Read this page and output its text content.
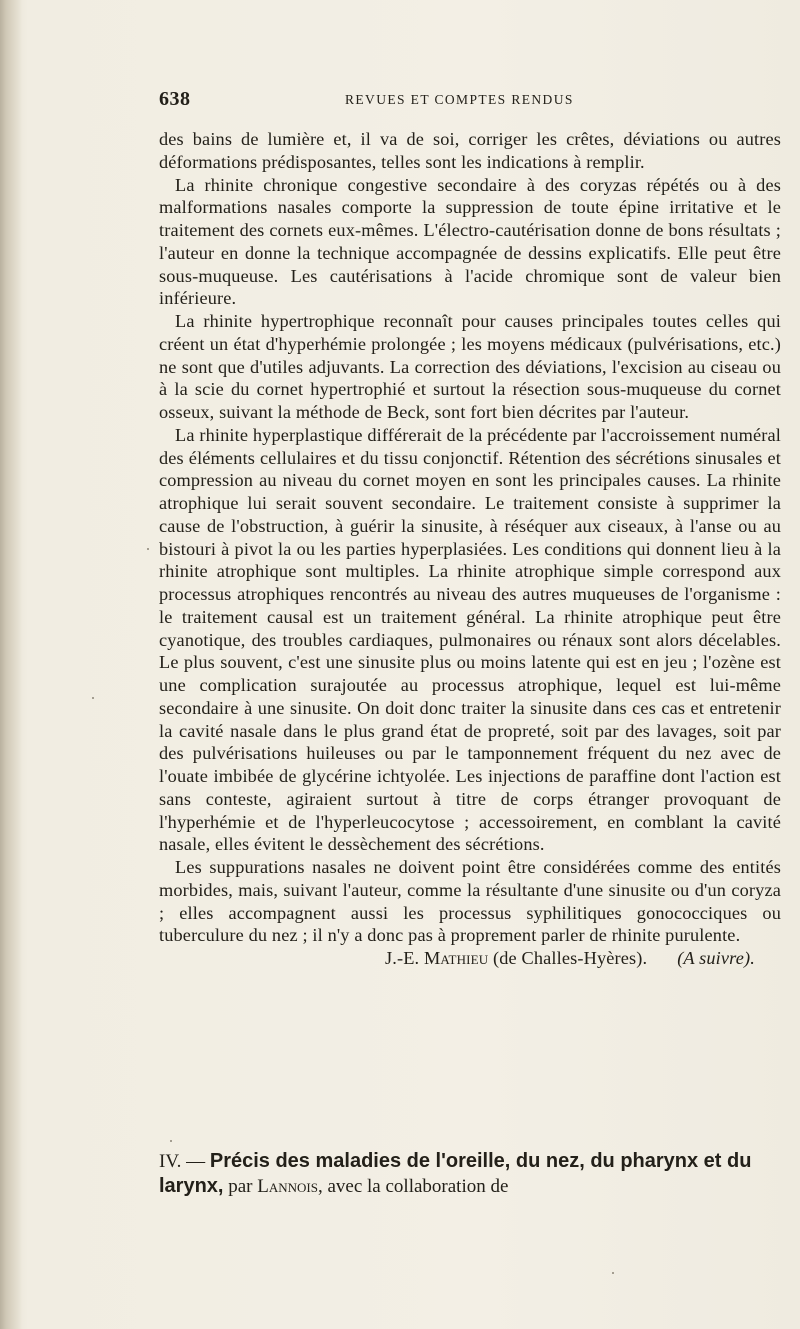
638	REVUES ET COMPTES RENDUS

des bains de lumière et, il va de soi, corriger les crêtes, déviations ou autres déformations prédisposantes, telles sont les indications à remplir.

La rhinite chronique congestive secondaire à des coryzas répétés ou à des malformations nasales comporte la suppression de toute épine irritative et le traitement des cornets eux-mêmes. L'électro-cautérisation donne de bons résultats ; l'auteur en donne la technique accompagnée de dessins explicatifs. Elle peut être sous-muqueuse. Les cautérisations à l'acide chromique sont de valeur bien inférieure.

La rhinite hypertrophique reconnaît pour causes principales toutes celles qui créent un état d'hyperhémie prolongée ; les moyens médicaux (pulvérisations, etc.) ne sont que d'utiles adjuvants. La correction des déviations, l'excision au ciseau ou à la scie du cornet hypertrophié et surtout la résection sous-muqueuse du cornet osseux, suivant la méthode de Beck, sont fort bien décrites par l'auteur.

La rhinite hyperplastique différerait de la précédente par l'accroissement numéral des éléments cellulaires et du tissu conjonctif. Rétention des sécrétions sinusales et compression au niveau du cornet moyen en sont les principales causes. La rhinite atrophique lui serait souvent secondaire. Le traitement consiste à supprimer la cause de l'obstruction, à guérir la sinusite, à réséquer aux ciseaux, à l'anse ou au bistouri à pivot la ou les parties hyperplasiées. Les conditions qui donnent lieu à la rhinite atrophique sont multiples. La rhinite atrophique simple correspond aux processus atrophiques rencontrés au niveau des autres muqueuses de l'organisme : le traitement causal est un traitement général. La rhinite atrophique peut être cyanotique, des troubles cardiaques, pulmonaires ou rénaux sont alors décelables. Le plus souvent, c'est une sinusite plus ou moins latente qui est en jeu ; l'ozène est une complication surajoutée au processus atrophique, lequel est lui-même secondaire à une sinusite. On doit donc traiter la sinusite dans ces cas et entretenir la cavité nasale dans le plus grand état de propreté, soit par des lavages, soit par des pulvérisations huileuses ou par le tamponnement fréquent du nez avec de l'ouate imbibée de glycérine ichtyolée. Les injections de paraffine dont l'action est sans conteste, agiraient surtout à titre de corps étranger provoquant de l'hyperhémie et de l'hyperleucocytose ; accessoirement, en comblant la cavité nasale, elles évitent le dessèchement des sécrétions.

Les suppurations nasales ne doivent point être considérées comme des entités morbides, mais, suivant l'auteur, comme la résultante d'une sinusite ou d'un coryza ; elles accompagnent aussi les processus syphilitiques gonococciques ou tuberculure du nez ; il n'y a donc pas à proprement parler de rhinite purulente.
(A suivre).

J.-E. Mathieu (de Challes-Hyères).

IV. — Précis des maladies de l'oreille, du nez, du pharynx et du larynx, par Lannois, avec la collaboration de
